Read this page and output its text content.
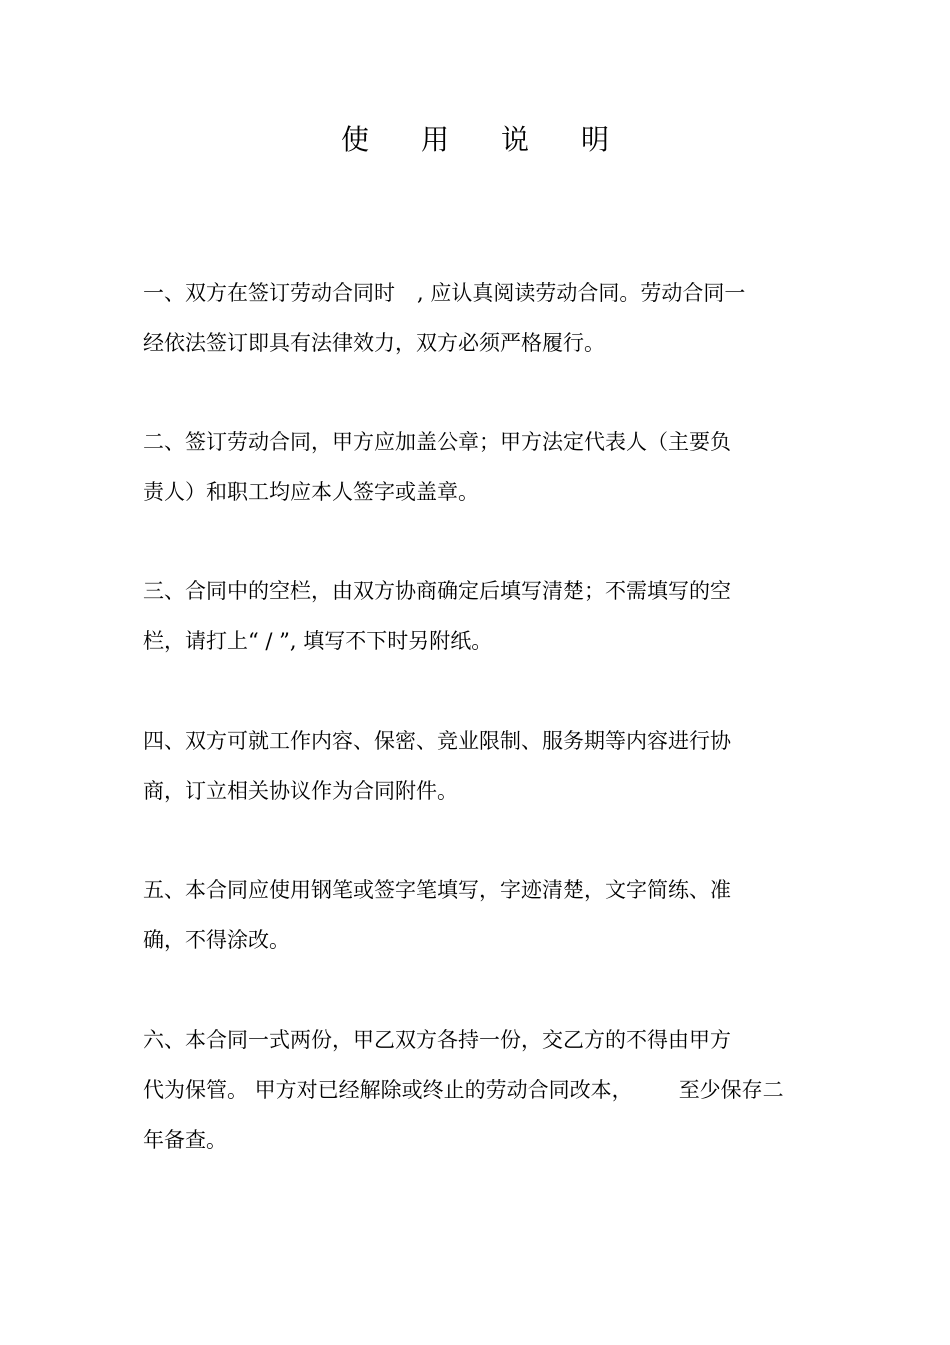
使 用 说 明
一、双方在签订劳动合同时 , 应认真阅读劳动合同。劳动合同一
经依法签订即具有法律效力，双方必须严格履行。
二、签订劳动合同，甲方应加盖公章；甲方法定代表人（主要负
责人）和职工均应本人签字或盖章。
三、合同中的空栏，由双方协商确定后填写清楚；不需填写的空
栏，请打上“ / ”, 填写不下时另附纸。
四、双方可就工作内容、保密、竞业限制、服务期等内容进行协
商，订立相关协议作为合同附件。
五、本合同应使用钢笔或签字笔填写，字迹清楚，文字简练、准
确，不得涂改。
六、本合同一式两份，甲乙双方各持一份，交乙方的不得由甲方
代为保管。 甲方对已经解除或终止的劳动合同改本， 至少保存二
年备查。
